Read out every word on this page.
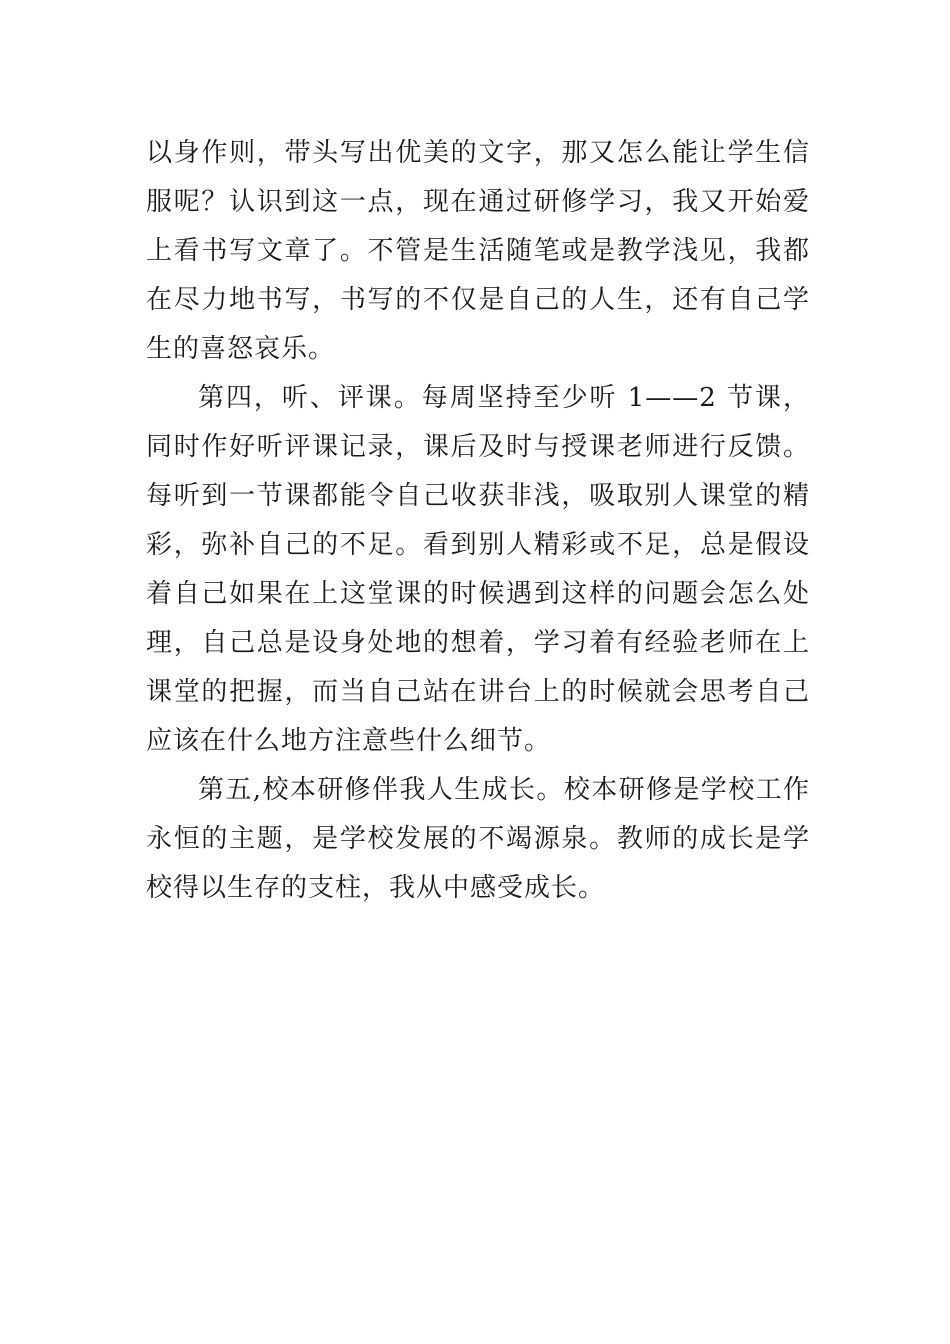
以身作则，带头写出优美的文字，那又怎么能让学生信服呢？认识到这一点，现在通过研修学习，我又开始爱上看书写文章了。不管是生活随笔或是教学浅见，我都在尽力地书写，书写的不仅是自己的人生，还有自己学生的喜怒哀乐。

第四，听、评课。每周坚持至少听 1——2 节课，同时作好听评课记录，课后及时与授课老师进行反馈。每听到一节课都能令自己收获非浅，吸取别人课堂的精彩，弥补自己的不足。看到别人精彩或不足，总是假设着自己如果在上这堂课的时候遇到这样的问题会怎么处理，自己总是设身处地的想着，学习着有经验老师在上课堂的把握，而当自己站在讲台上的时候就会思考自己应该在什么地方注意些什么细节。

第五,校本研修伴我人生成长。校本研修是学校工作永恒的主题，是学校发展的不竭源泉。教师的成长是学校得以生存的支柱，我从中感受成长。
